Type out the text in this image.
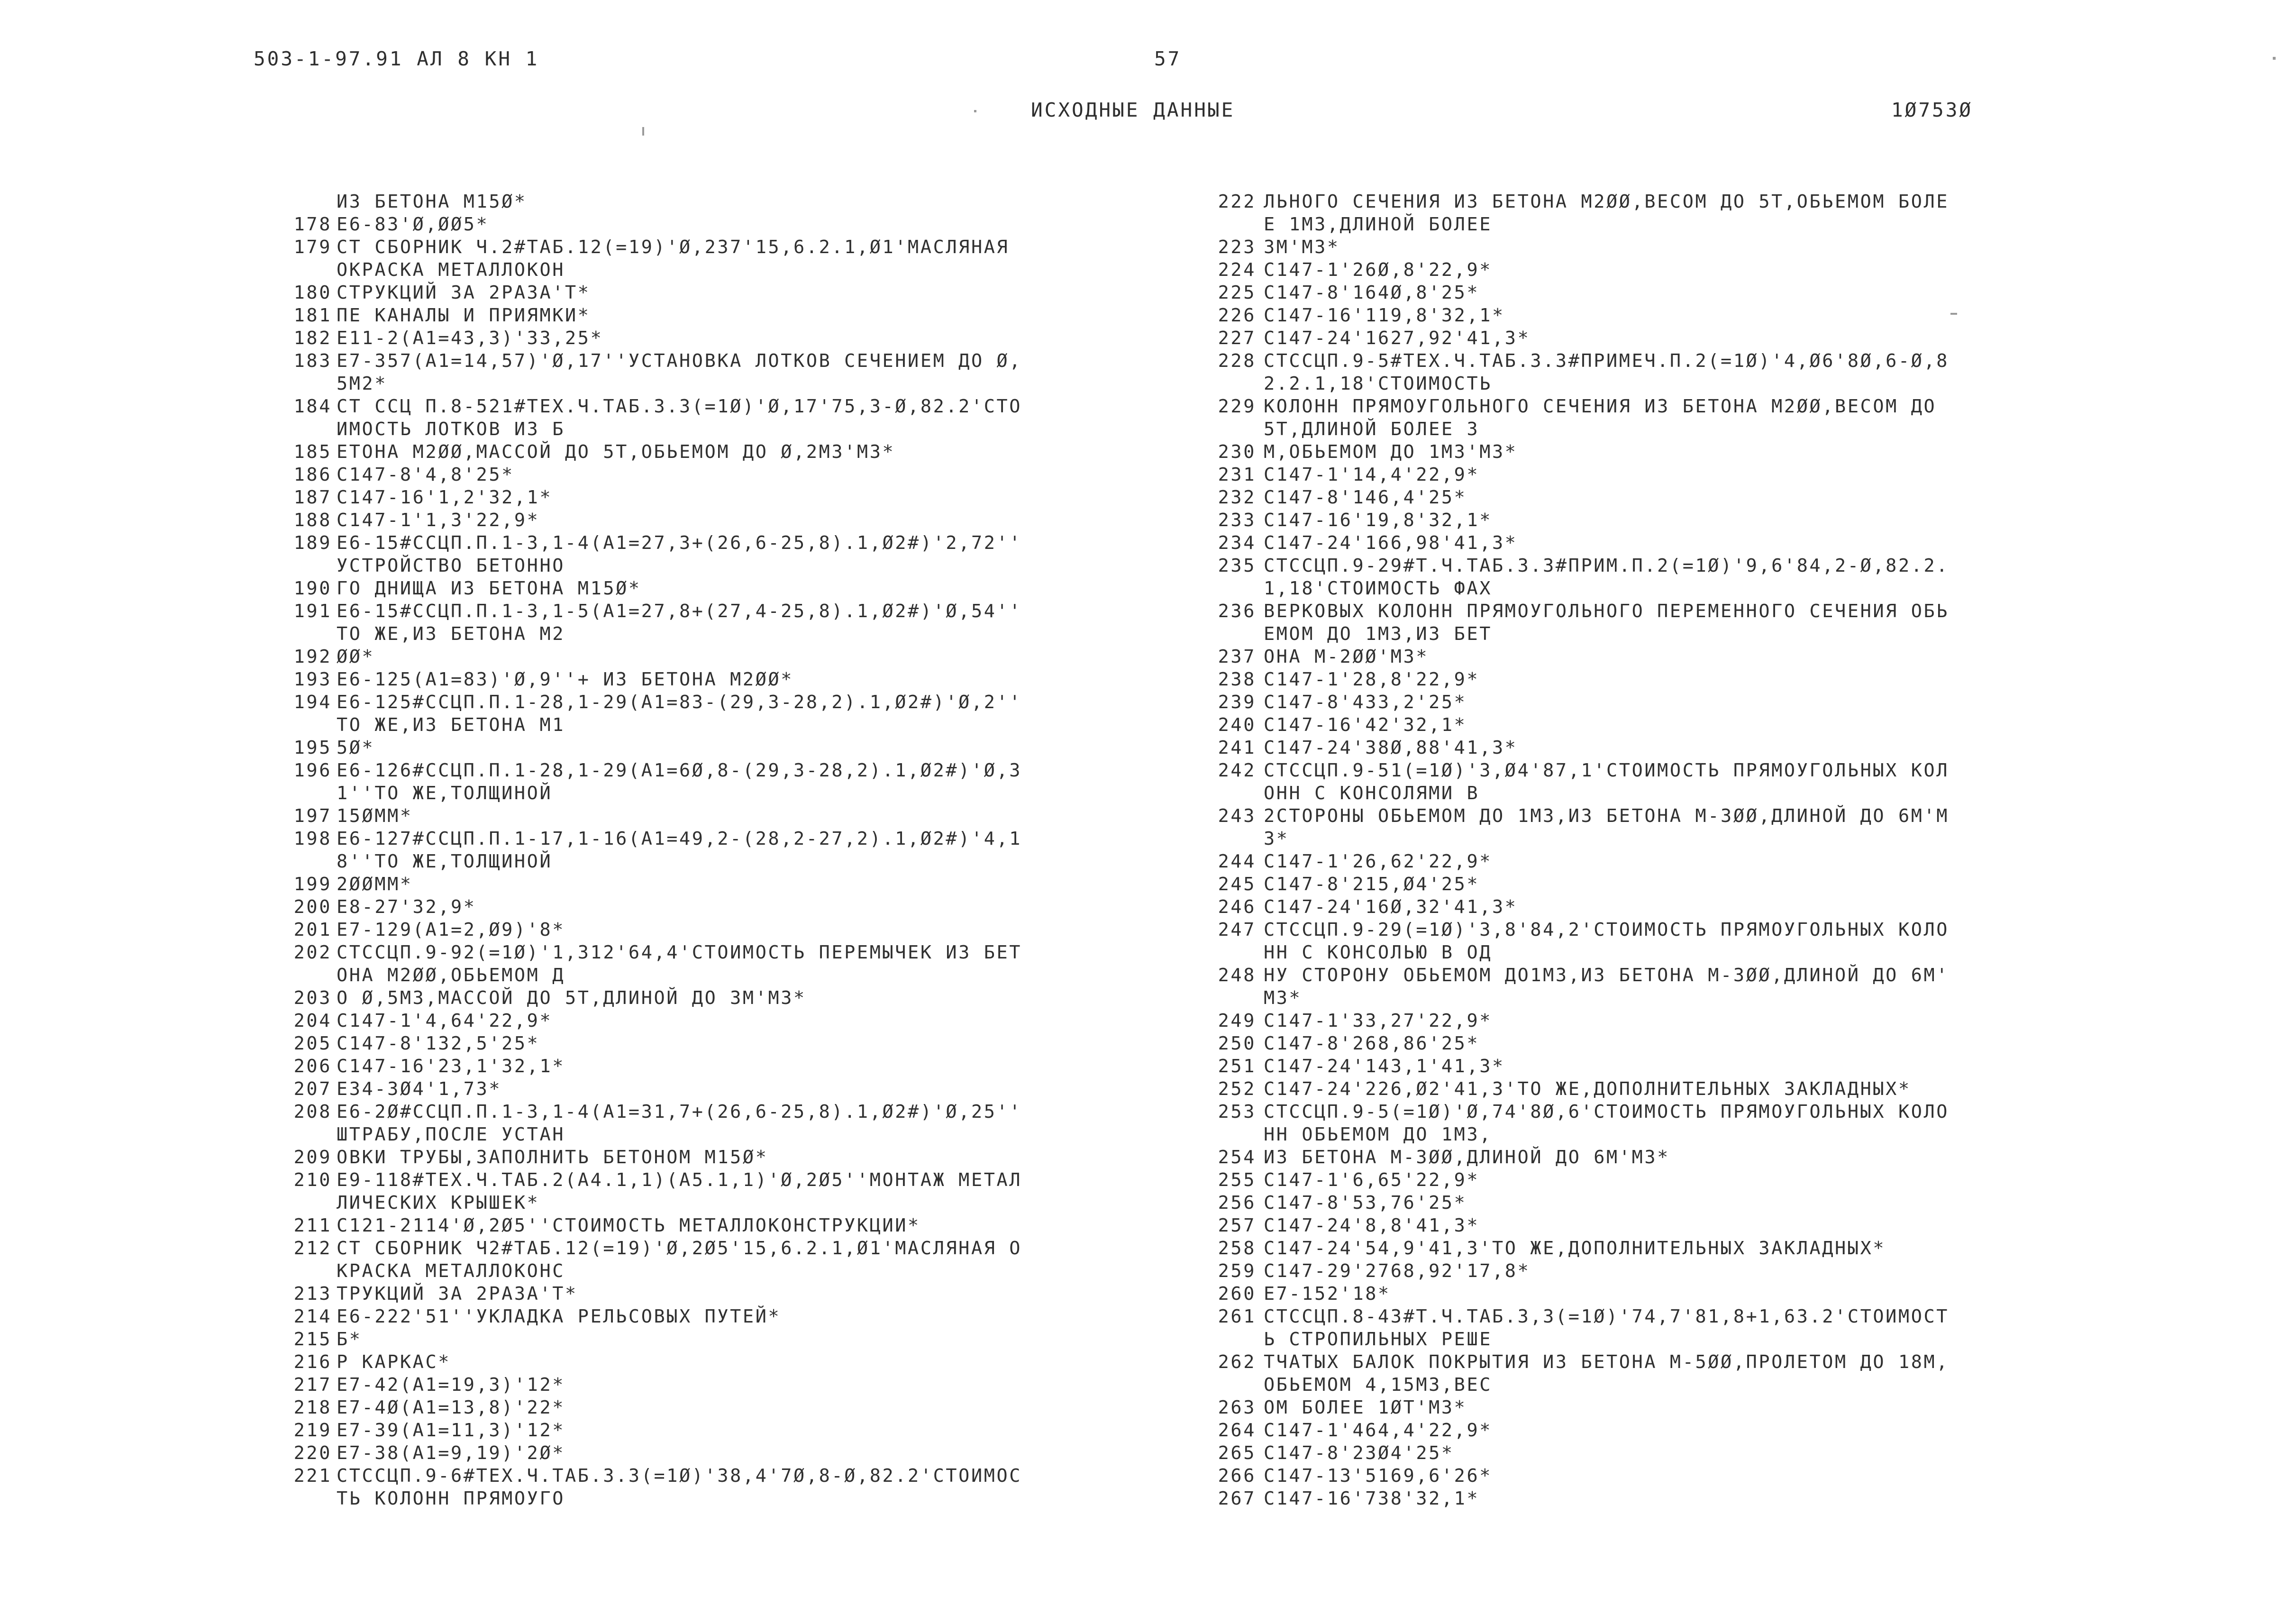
503-1-97.91 АЛ 8 КН 1	57
ИСХОДНЫЕ ДАННЫЕ	1Ø753Ø
ИЗ БЕТОНА М15Ø*
178 Е6-83'Ø,ØØ5*
179 СТ СБОРНИК Ч.2#ТАБ.12(=19)'Ø,237'15,6.2.1,Ø1'МАСЛЯНАЯ
ОКРАСКА МЕТАЛЛОКОН
180 СТРУКЦИЙ ЗА 2РАЗА'Т*
181 ПЕ КАНАЛЫ И ПРИЯМКИ*
182 Е11-2(А1=43,3)'33,25*
183 Е7-357(А1=14,57)'Ø,17''УСТАНОВКА ЛОТКОВ СЕЧЕНИЕМ ДО Ø,
5М2*
184 СТ ССЦ П.8-521#ТЕХ.Ч.ТАБ.3.3(=1Ø)'Ø,17'75,3-Ø,82.2'СТО
ИМОСТЬ ЛОТКОВ ИЗ Б
185 ЕТОНА М2ØØ,МАССОЙ ДО 5Т,ОБЬЕМОМ ДО Ø,2М3'М3*
186 С147-8'4,8'25*
187 С147-16'1,2'32,1*
188 С147-1'1,3'22,9*
189 Е6-15#ССЦП.П.1-3,1-4(А1=27,3+(26,6-25,8).1,Ø2#)'2,72''
УСТРОЙСТВО БЕТОННО
190 ГО ДНИЩА ИЗ БЕТОНА М15Ø*
191 Е6-15#ССЦП.П.1-3,1-5(А1=27,8+(27,4-25,8).1,Ø2#)'Ø,54''
ТО ЖЕ,ИЗ БЕТОНА М2
192 ØØ*
193 Е6-125(А1=83)'Ø,9''+ ИЗ БЕТОНА М2ØØ*
194 Е6-125#ССЦП.П.1-28,1-29(А1=83-(29,3-28,2).1,Ø2#)'Ø,2''
ТО ЖЕ,ИЗ БЕТОНА М1
195 5Ø*
196 Е6-126#ССЦП.П.1-28,1-29(А1=6Ø,8-(29,3-28,2).1,Ø2#)'Ø,3
1''ТО ЖЕ,ТОЛЩИНОЙ
197 15ØММ*
198 Е6-127#ССЦП.П.1-17,1-16(А1=49,2-(28,2-27,2).1,Ø2#)'4,1
8''ТО ЖЕ,ТОЛЩИНОЙ
199 2ØØММ*
200 Е8-27'32,9*
201 Е7-129(А1=2,Ø9)'8*
202 СТССЦП.9-92(=1Ø)'1,312'64,4'СТОИМОСТЬ ПЕРЕМЫЧЕК ИЗ БЕТ
ОНА М2ØØ,ОБЬЕМОМ Д
203 О Ø,5М3,МАССОЙ ДО 5Т,ДЛИНОЙ ДО 3М'М3*
204 С147-1'4,64'22,9*
205 С147-8'132,5'25*
206 С147-16'23,1'32,1*
207 Е34-3Ø4'1,73*
208 Е6-2Ø#ССЦП.П.1-3,1-4(А1=31,7+(26,6-25,8).1,Ø2#)'Ø,25''
ШТРАБУ,ПОСЛЕ УСТАН
209 ОВКИ ТРУБЫ,ЗАПОЛНИТЬ БЕТОНОМ М15Ø*
210 Е9-118#ТЕХ.Ч.ТАБ.2(А4.1,1)(А5.1,1)'Ø,2Ø5''МОНТАЖ МЕТАЛ
ЛИЧЕСКИХ КРЫШЕК*
211 С121-2114'Ø,2Ø5''СТОИМОСТЬ МЕТАЛЛОКОНСТРУКЦИИ*
212 СТ СБОРНИК Ч2#ТАБ.12(=19)'Ø,2Ø5'15,6.2.1,Ø1'МАСЛЯНАЯ О
КРАСКА МЕТАЛЛОКОНС
213 ТРУКЦИЙ ЗА 2РАЗА'Т*
214 Е6-222'51''УКЛАДКА РЕЛЬСОВЫХ ПУТЕЙ*
215 Б*
216 Р КАРКАС*
217 Е7-42(А1=19,3)'12*
218 Е7-4Ø(А1=13,8)'22*
219 Е7-39(А1=11,3)'12*
220 Е7-38(А1=9,19)'2Ø*
221 СТССЦП.9-6#ТЕХ.Ч.ТАБ.3.3(=1Ø)'38,4'7Ø,8-Ø,82.2'СТОИМОС
ТЬ КОЛОНН ПРЯМОУГО
222 ЛЬНОГО СЕЧЕНИЯ ИЗ БЕТОНА М2ØØ,ВЕСОМ ДО 5Т,ОБЬЕМОМ БОЛЕ
Е 1М3,ДЛИНОЙ БОЛЕЕ
223 3М'М3*
224 С147-1'26Ø,8'22,9*
225 С147-8'164Ø,8'25*
226 С147-16'119,8'32,1*
227 С147-24'1627,92'41,3*
228 СТССЦП.9-5#ТЕХ.Ч.ТАБ.3.3#ПРИМЕЧ.П.2(=1Ø)'4,Ø6'8Ø,6-Ø,8
2.2.1,18'СТОИМОСТЬ
229 КОЛОНН ПРЯМОУГОЛЬНОГО СЕЧЕНИЯ ИЗ БЕТОНА М2ØØ,ВЕСОМ ДО
5Т,ДЛИНОЙ БОЛЕЕ 3
230 М,ОБЬЕМОМ ДО 1М3'М3*
231 С147-1'14,4'22,9*
232 С147-8'146,4'25*
233 С147-16'19,8'32,1*
234 С147-24'166,98'41,3*
235 СТССЦП.9-29#Т.Ч.ТАБ.3.3#ПРИМ.П.2(=1Ø)'9,6'84,2-Ø,82.2.
1,18'СТОИМОСТЬ ФАХ
236 ВЕРКОВЫХ КОЛОНН ПРЯМОУГОЛЬНОГО ПЕРЕМЕННОГО СЕЧЕНИЯ ОБЬ
ЕМОМ ДО 1М3,ИЗ БЕТ
237 ОНА М-2ØØ'М3*
238 С147-1'28,8'22,9*
239 С147-8'433,2'25*
240 С147-16'42'32,1*
241 С147-24'38Ø,88'41,3*
242 СТССЦП.9-51(=1Ø)'3,Ø4'87,1'СТОИМОСТЬ ПРЯМОУГОЛЬНЫХ КОЛ
ОНН С КОНСОЛЯМИ В
243 2СТОРОНЫ ОБЬЕМОМ ДО 1М3,ИЗ БЕТОНА М-3ØØ,ДЛИНОЙ ДО 6М'М
3*
244 С147-1'26,62'22,9*
245 С147-8'215,Ø4'25*
246 С147-24'16Ø,32'41,3*
247 СТССЦП.9-29(=1Ø)'3,8'84,2'СТОИМОСТЬ ПРЯМОУГОЛЬНЫХ КОЛО
НН С КОНСОЛЬЮ В ОД
248 НУ СТОРОНУ ОБЬЕМОМ ДО1М3,ИЗ БЕТОНА М-3ØØ,ДЛИНОЙ ДО 6М'
М3*
249 С147-1'33,27'22,9*
250 С147-8'268,86'25*
251 С147-24'143,1'41,3*
252 С147-24'226,Ø2'41,3'ТО ЖЕ,ДОПОЛНИТЕЛЬНЫХ ЗАКЛАДНЫХ*
253 СТССЦП.9-5(=1Ø)'Ø,74'8Ø,6'СТОИМОСТЬ ПРЯМОУГОЛЬНЫХ КОЛО
НН ОБЬЕМОМ ДО 1М3,
254 ИЗ БЕТОНА М-3ØØ,ДЛИНОЙ ДО 6М'М3*
255 С147-1'6,65'22,9*
256 С147-8'53,76'25*
257 С147-24'8,8'41,3*
258 С147-24'54,9'41,3'ТО ЖЕ,ДОПОЛНИТЕЛЬНЫХ ЗАКЛАДНЫХ*
259 С147-29'2768,92'17,8*
260 Е7-152'18*
261 СТССЦП.8-43#Т.Ч.ТАБ.3,3(=1Ø)'74,7'81,8+1,63.2'СТОИМОСТ
Ь СТРОПИЛЬНЫХ РЕШЕ
262 ТЧАТЫХ БАЛОК ПОКРЫТИЯ ИЗ БЕТОНА М-5ØØ,ПРОЛЕТОМ ДО 18М,
ОБЬЕМОМ 4,15М3,ВЕС
263 ОМ БОЛЕЕ 1ØТ'М3*
264 С147-1'464,4'22,9*
265 С147-8'23Ø4'25*
266 С147-13'5169,6'26*
267 С147-16'738'32,1*
